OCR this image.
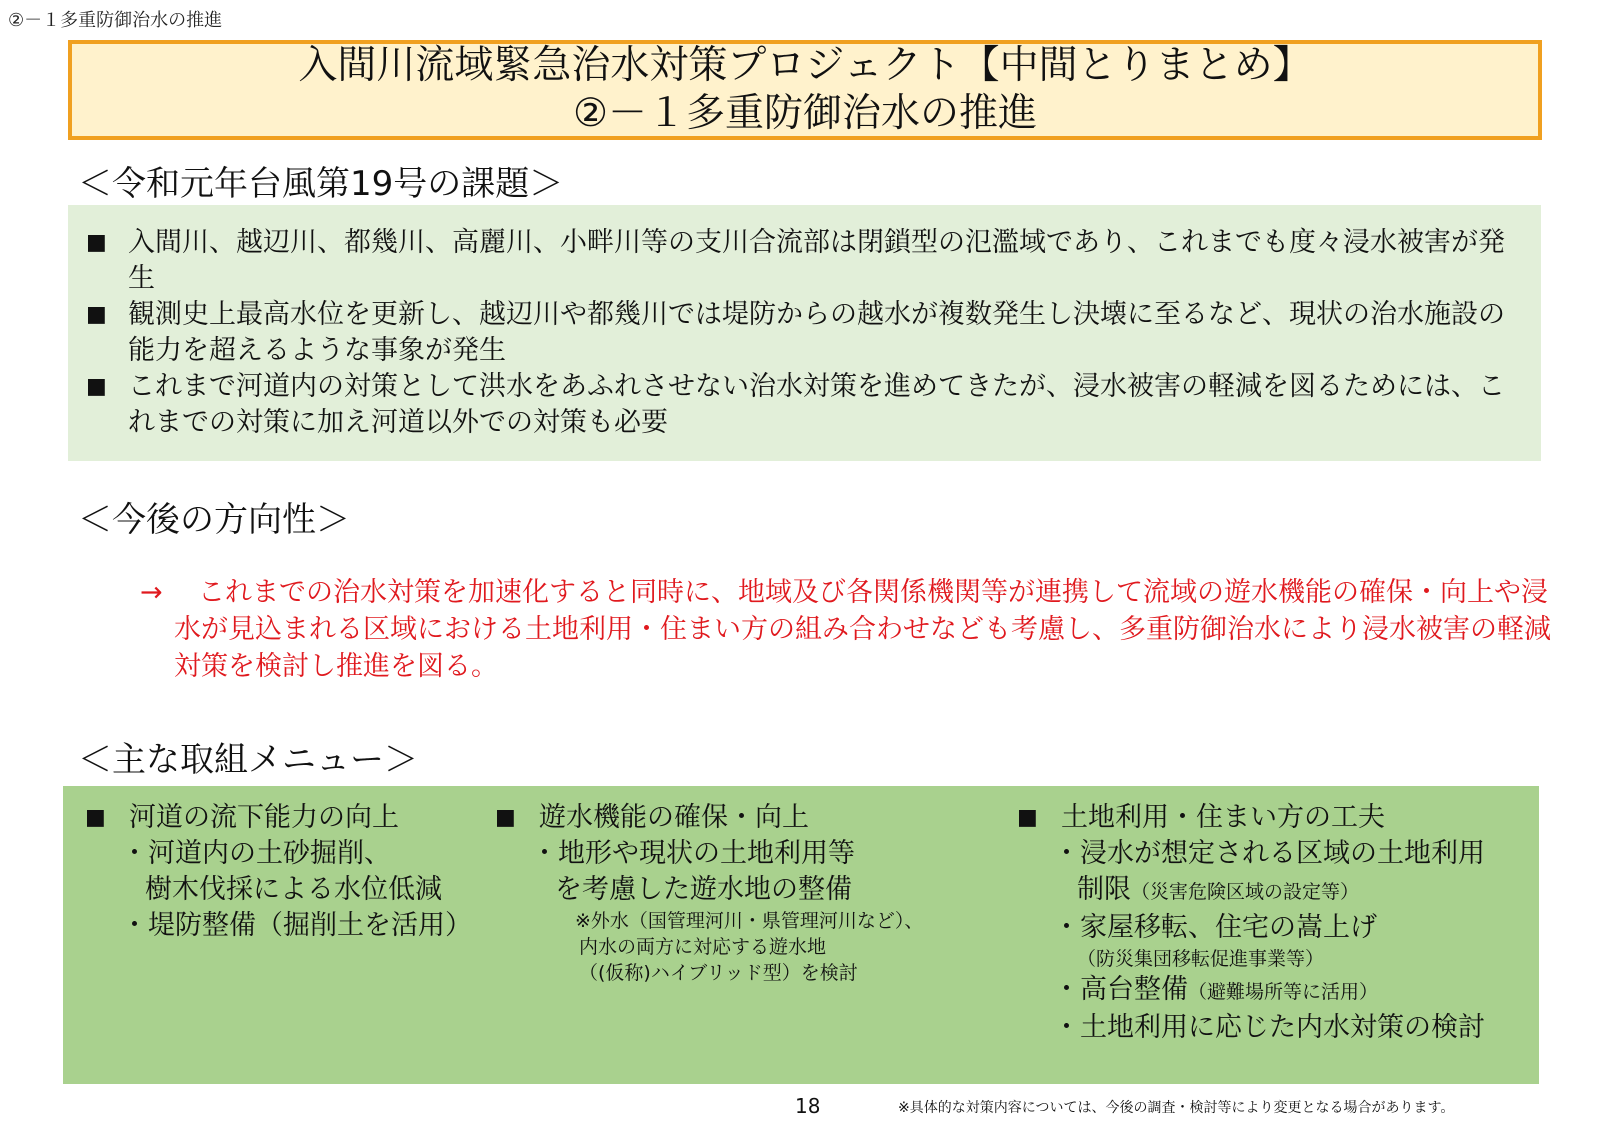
②－１多重防御治水の推進
入間川流域緊急治水対策プロジェクト【中間とりまとめ】
②－１多重防御治水の推進
＜令和元年台風第19号の課題＞
■ 入間川、越辺川、都幾川、高麗川、小畔川等の支川合流部は閉鎖型の氾濫域であり、これまでも度々浸水被害が発生
■ 観測史上最高水位を更新し、越辺川や都幾川では堤防からの越水が複数発生し決壊に至るなど、現状の治水施設の能力を超えるような事象が発生
■ これまで河道内の対策として洪水をあふれさせない治水対策を進めてきたが、浸水被害の軽減を図るためには、これまでの対策に加え河道以外での対策も必要
＜今後の方向性＞
→ これまでの治水対策を加速化すると同時に、地域及び各関係機関等が連携して流域の遊水機能の確保・向上や浸水が見込まれる区域における土地利用・住まい方の組み合わせなども考慮し、多重防御治水により浸水被害の軽減対策を検討し推進を図る。
＜主な取組メニュー＞
■ 河道の流下能力の向上
・河道内の土砂掘削、
樹木伐採による水位低減
・堤防整備（掘削土を活用）
■ 遊水機能の確保・向上
・地形や現状の土地利用等
を考慮した遊水地の整備
※外水（国管理河川・県管理河川など）、
内水の両方に対応する遊水地
（(仮称)ハイブリッド型）を検討
■ 土地利用・住まい方の工夫
・浸水が想定される区域の土地利用
制限（災害危険区域の設定等）
・家屋移転、住宅の嵩上げ
（防災集団移転促進事業等）
・高台整備（避難場所等に活用）
・土地利用に応じた内水対策の検討
18	※具体的な対策内容については、今後の調査・検討等により変更となる場合があります。
